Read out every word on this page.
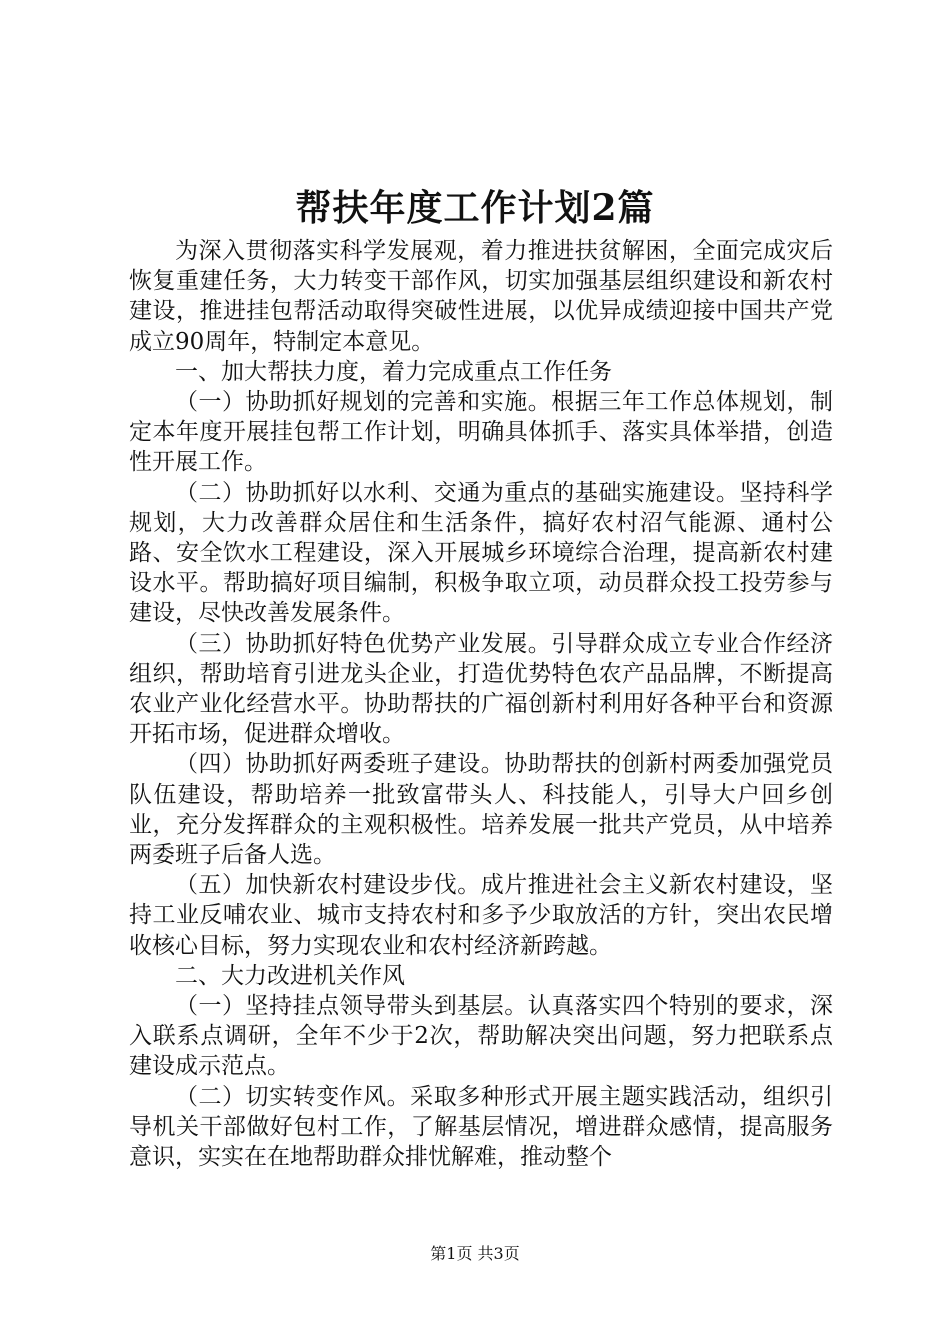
帮扶年度工作计划2篇

为深入贯彻落实科学发展观，着力推进扶贫解困，全面完成灾后恢复重建任务，大力转变干部作风，切实加强基层组织建设和新农村建设，推进挂包帮活动取得突破性进展，以优异成绩迎接中国共产党成立90周年，特制定本意见。

一、加大帮扶力度，着力完成重点工作任务

（一）协助抓好规划的完善和实施。根据三年工作总体规划，制定本年度开展挂包帮工作计划，明确具体抓手、落实具体举措，创造性开展工作。

（二）协助抓好以水利、交通为重点的基础实施建设。坚持科学规划，大力改善群众居住和生活条件，搞好农村沼气能源、通村公路、安全饮水工程建设，深入开展城乡环境综合治理，提高新农村建设水平。帮助搞好项目编制，积极争取立项，动员群众投工投劳参与建设，尽快改善发展条件。

（三）协助抓好特色优势产业发展。引导群众成立专业合作经济组织，帮助培育引进龙头企业，打造优势特色农产品品牌，不断提高农业产业化经营水平。协助帮扶的广福创新村利用好各种平台和资源开拓市场，促进群众增收。

（四）协助抓好两委班子建设。协助帮扶的创新村两委加强党员队伍建设，帮助培养一批致富带头人、科技能人，引导大户回乡创业，充分发挥群众的主观积极性。培养发展一批共产党员，从中培养两委班子后备人选。

（五）加快新农村建设步伐。成片推进社会主义新农村建设，坚持工业反哺农业、城市支持农村和多予少取放活的方针，突出农民增收核心目标，努力实现农业和农村经济新跨越。

二、大力改进机关作风

（一）坚持挂点领导带头到基层。认真落实四个特别的要求，深入联系点调研，全年不少于2次，帮助解决突出问题，努力把联系点建设成示范点。

（二）切实转变作风。采取多种形式开展主题实践活动，组织引导机关干部做好包村工作，了解基层情况，增进群众感情，提高服务意识，实实在在地帮助群众排忧解难，推动整个

第1页 共3页
